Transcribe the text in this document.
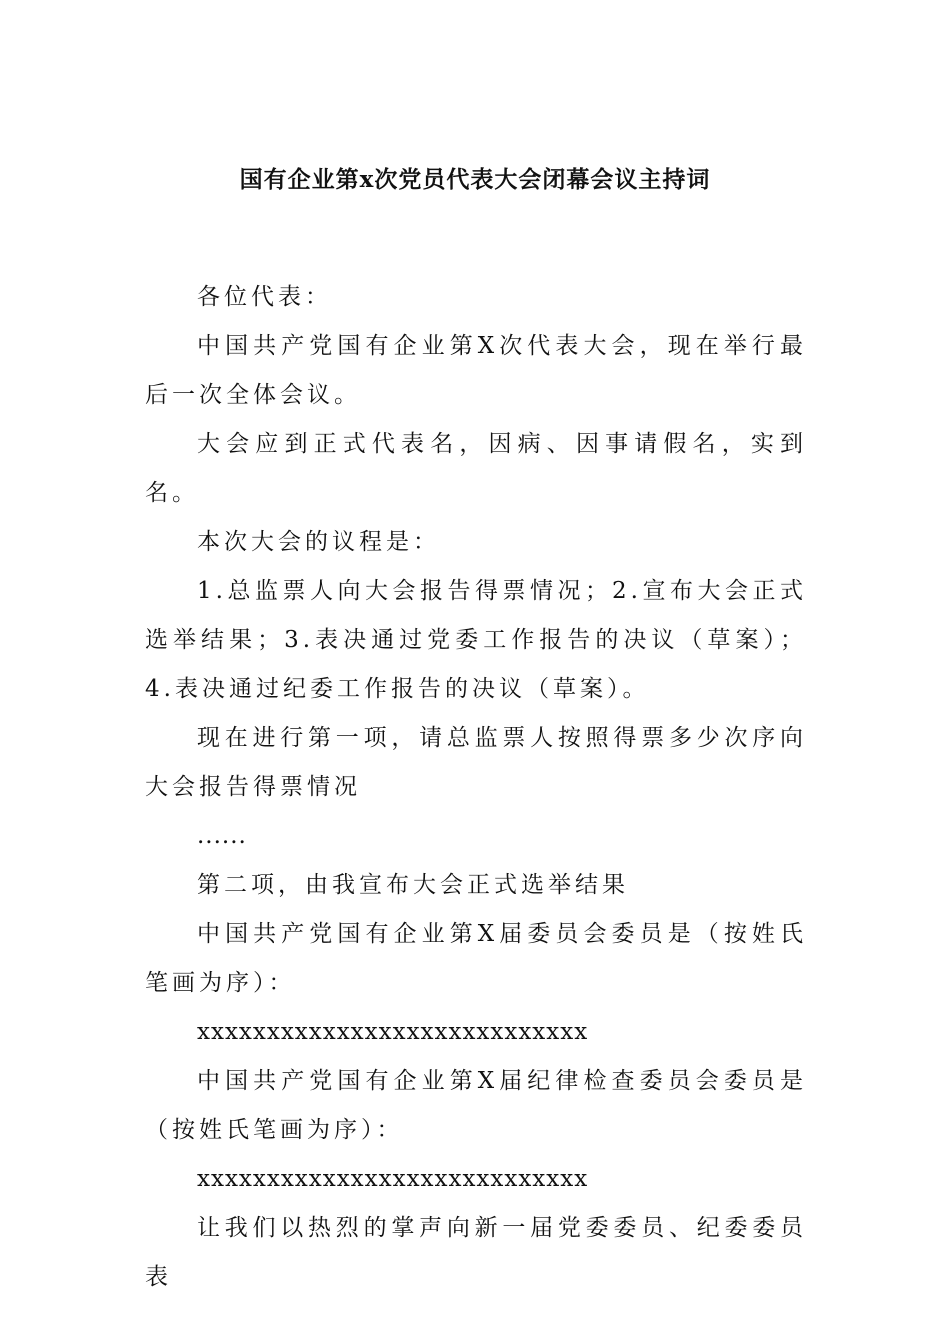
国有企业第x次党员代表大会闭幕会议主持词

各位代表：

中国共产党国有企业第X次代表大会，现在举行最后一次全体会议。

大会应到正式代表名，因病、因事请假名，实到名。

本次大会的议程是：

1.总监票人向大会报告得票情况；2.宣布大会正式选举结果；3.表决通过党委工作报告的决议（草案）；4.表决通过纪委工作报告的决议（草案）。

现在进行第一项，请总监票人按照得票多少次序向大会报告得票情况

......

第二项，由我宣布大会正式选举结果

中国共产党国有企业第X届委员会委员是（按姓氏笔画为序）：

xxxxxxxxxxxxxxxxxxxxxxxxxxxx

中国共产党国有企业第X届纪律检查委员会委员是（按姓氏笔画为序）：

xxxxxxxxxxxxxxxxxxxxxxxxxxxx

让我们以热烈的掌声向新一届党委委员、纪委委员表
